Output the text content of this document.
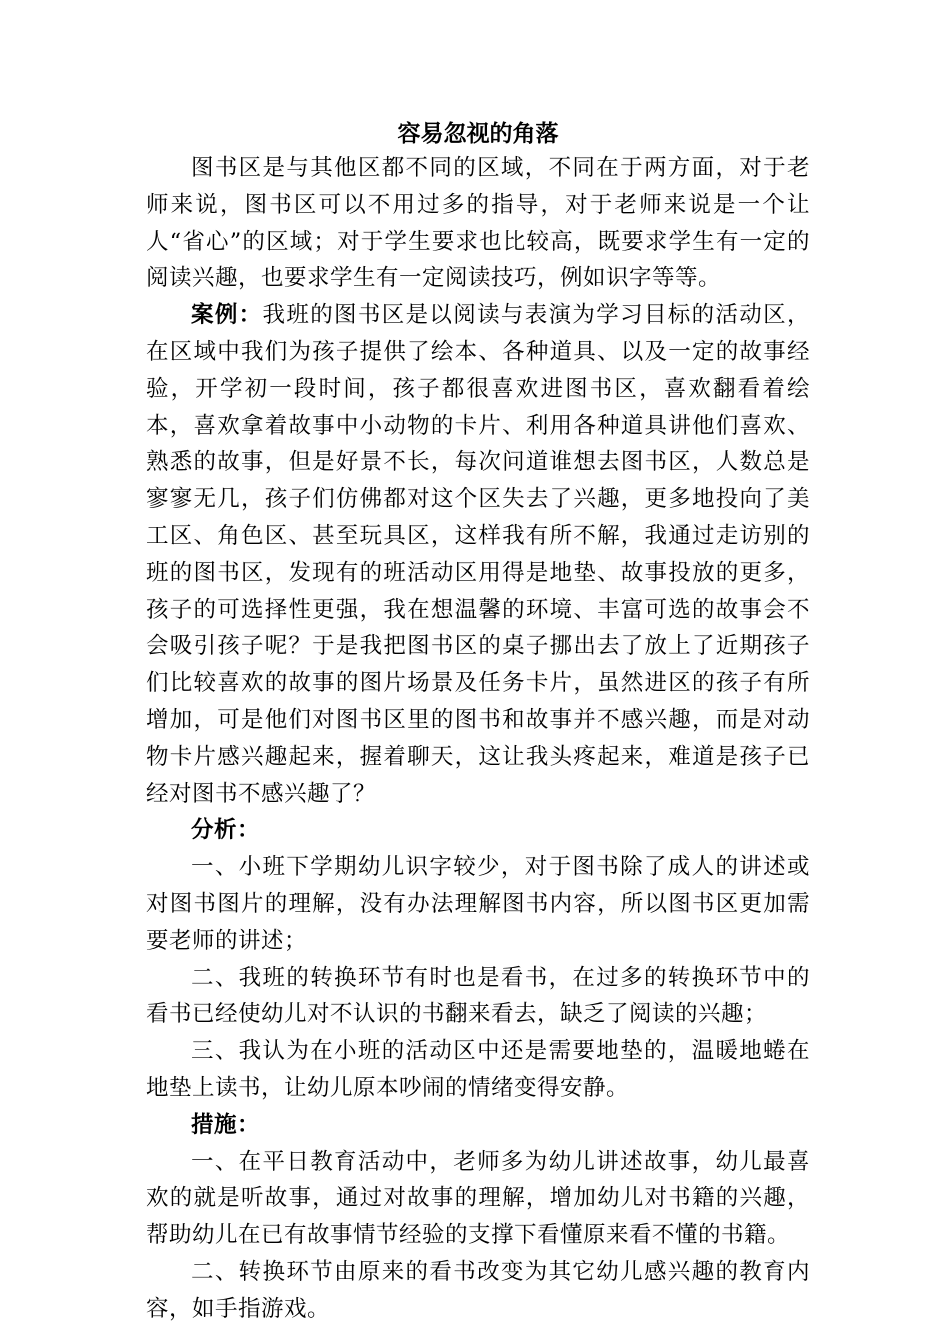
容易忽视的角落

图书区是与其他区都不同的区域，不同在于两方面，对于老师来说，图书区可以不用过多的指导，对于老师来说是一个让人“省心”的区域；对于学生要求也比较高，既要求学生有一定的阅读兴趣，也要求学生有一定阅读技巧，例如识字等等。

案例：我班的图书区是以阅读与表演为学习目标的活动区，在区域中我们为孩子提供了绘本、各种道具、以及一定的故事经验，开学初一段时间，孩子都很喜欢进图书区，喜欢翻看着绘本，喜欢拿着故事中小动物的卡片、利用各种道具讲他们喜欢、熟悉的故事，但是好景不长，每次问道谁想去图书区，人数总是寥寥无几，孩子们仿佛都对这个区失去了兴趣，更多地投向了美工区、角色区、甚至玩具区，这样我有所不解，我通过走访别的班的图书区，发现有的班活动区用得是地垫、故事投放的更多，孩子的可选择性更强，我在想温馨的环境、丰富可选的故事会不会吸引孩子呢？于是我把图书区的桌子挪出去了放上了近期孩子们比较喜欢的故事的图片场景及任务卡片，虽然进区的孩子有所增加，可是他们对图书区里的图书和故事并不感兴趣，而是对动物卡片感兴趣起来，握着聊天，这让我头疼起来，难道是孩子已经对图书不感兴趣了？

分析：

一、小班下学期幼儿识字较少，对于图书除了成人的讲述或对图书图片的理解，没有办法理解图书内容，所以图书区更加需要老师的讲述；

二、我班的转换环节有时也是看书，在过多的转换环节中的看书已经使幼儿对不认识的书翻来看去，缺乏了阅读的兴趣；

三、我认为在小班的活动区中还是需要地垫的，温暖地蜷在地垫上读书，让幼儿原本吵闹的情绪变得安静。

措施：

一、在平日教育活动中，老师多为幼儿讲述故事，幼儿最喜欢的就是听故事，通过对故事的理解，增加幼儿对书籍的兴趣，帮助幼儿在已有故事情节经验的支撑下看懂原来看不懂的书籍。

二、转换环节由原来的看书改变为其它幼儿感兴趣的教育内容，如手指游戏。
